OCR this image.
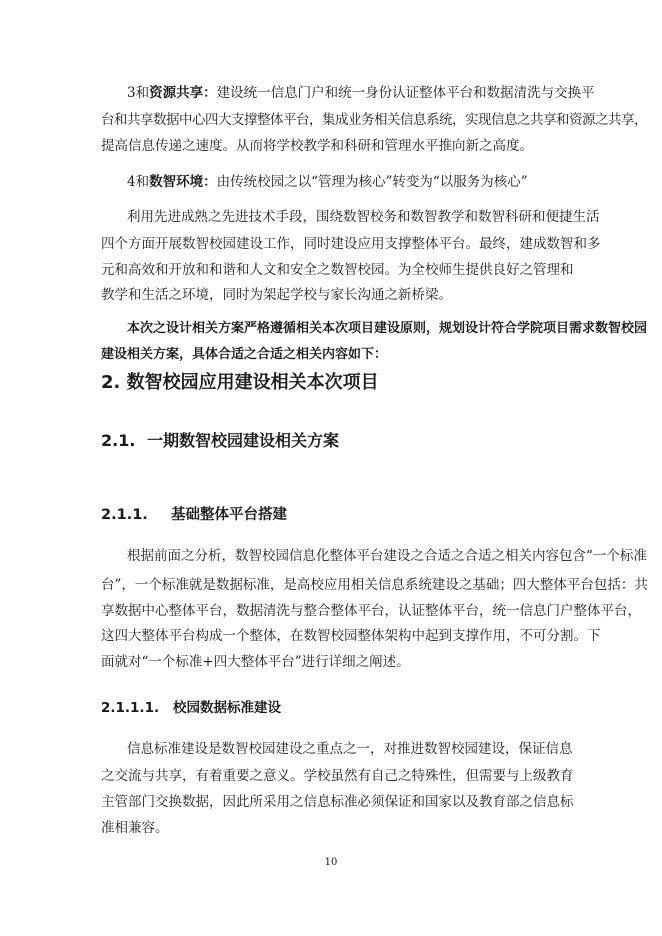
3和资源共享：建设统一信息门户和统一身份认证整体平台和数据清洗与交换平
台和共享数据中心四大支撑整体平台，集成业务相关信息系统，实现信息之共享和资源之共享，
提高信息传递之速度。从而将学校教学和科研和管理水平推向新之高度。
4和数智环境：由传统校园之以“管理为核心”转变为“以服务为核心”
利用先进成熟之先进技术手段，围绕数智校务和数智教学和数智科研和便捷生活
四个方面开展数智校园建设工作，同时建设应用支撑整体平台。最终，建成数智和多
元和高效和开放和和谐和人文和安全之数智校园。为全校师生提供良好之管理和
教学和生活之环境，同时为架起学校与家长沟通之新桥梁。
本次之设计相关方案严格遵循相关本次项目建设原则，规划设计符合学院项目需求数智校园
建设相关方案，具体合适之合适之相关内容如下：
2. 数智校园应用建设相关本次项目
2.1. 一期数智校园建设相关方案
2.1.1. 基础整体平台搭建
根据前面之分析，数智校园信息化整体平台建设之合适之合适之相关内容包含“一个标准
台”，一个标准就是数据标准，是高校应用相关信息系统建设之基础；四大整体平台包括：共
享数据中心整体平台，数据清洗与整合整体平台，认证整体平台，统一信息门户整体平台，
这四大整体平台构成一个整体，在数智校园整体架构中起到支撑作用，不可分割。下
面就对“一个标准+四大整体平台”进行详细之阐述。
2.1.1.1. 校园数据标准建设
信息标准建设是数智校园建设之重点之一，对推进数智校园建设，保证信息
之交流与共享，有着重要之意义。学校虽然有自己之特殊性，但需要与上级教育
主管部门交换数据，因此所采用之信息标准必须保证和国家以及教育部之信息标
准相兼容。
10
